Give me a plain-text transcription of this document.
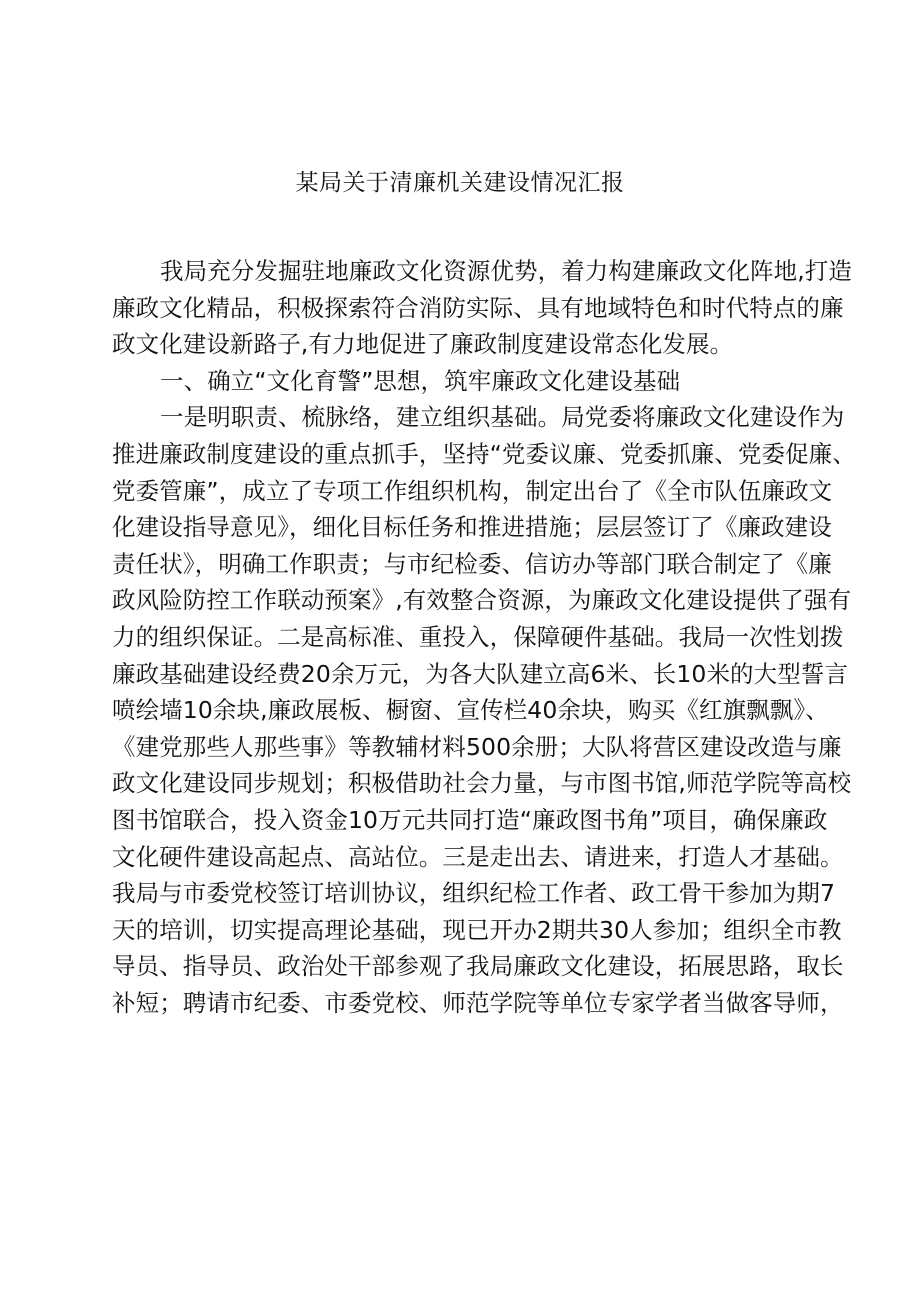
某局关于清廉机关建设情况汇报
我局充分发掘驻地廉政文化资源优势，着力构建廉政文化阵地,打造
廉政文化精品，积极探索符合消防实际、具有地域特色和时代特点的廉
政文化建设新路子,有力地促进了廉政制度建设常态化发展。
一、确立“文化育警”思想，筑牢廉政文化建设基础
一是明职责、梳脉络，建立组织基础。局党委将廉政文化建设作为
推进廉政制度建设的重点抓手，坚持“党委议廉、党委抓廉、党委促廉、
党委管廉”，成立了专项工作组织机构，制定出台了《全市队伍廉政文
化建设指导意见》，细化目标任务和推进措施；层层签订了《廉政建设
责任状》，明确工作职责；与市纪检委、信访办等部门联合制定了《廉
政风险防控工作联动预案》,有效整合资源，为廉政文化建设提供了强有
力的组织保证。二是高标准、重投入，保障硬件基础。我局一次性划拨
廉政基础建设经费20余万元，为各大队建立高6米、长10米的大型誓言
喷绘墙10余块,廉政展板、橱窗、宣传栏40余块，购买《红旗飘飘》、
《建党那些人那些事》等教辅材料500余册；大队将营区建设改造与廉
政文化建设同步规划；积极借助社会力量，与市图书馆,师范学院等高校
图书馆联合，投入资金10万元共同打造“廉政图书角”项目，确保廉政
文化硬件建设高起点、高站位。三是走出去、请进来，打造人才基础。
我局与市委党校签订培训协议，组织纪检工作者、政工骨干参加为期7
天的培训，切实提高理论基础，现已开办2期共30人参加；组织全市教
导员、指导员、政治处干部参观了我局廉政文化建设，拓展思路，取长
补短；聘请市纪委、市委党校、师范学院等单位专家学者当做客导师，
